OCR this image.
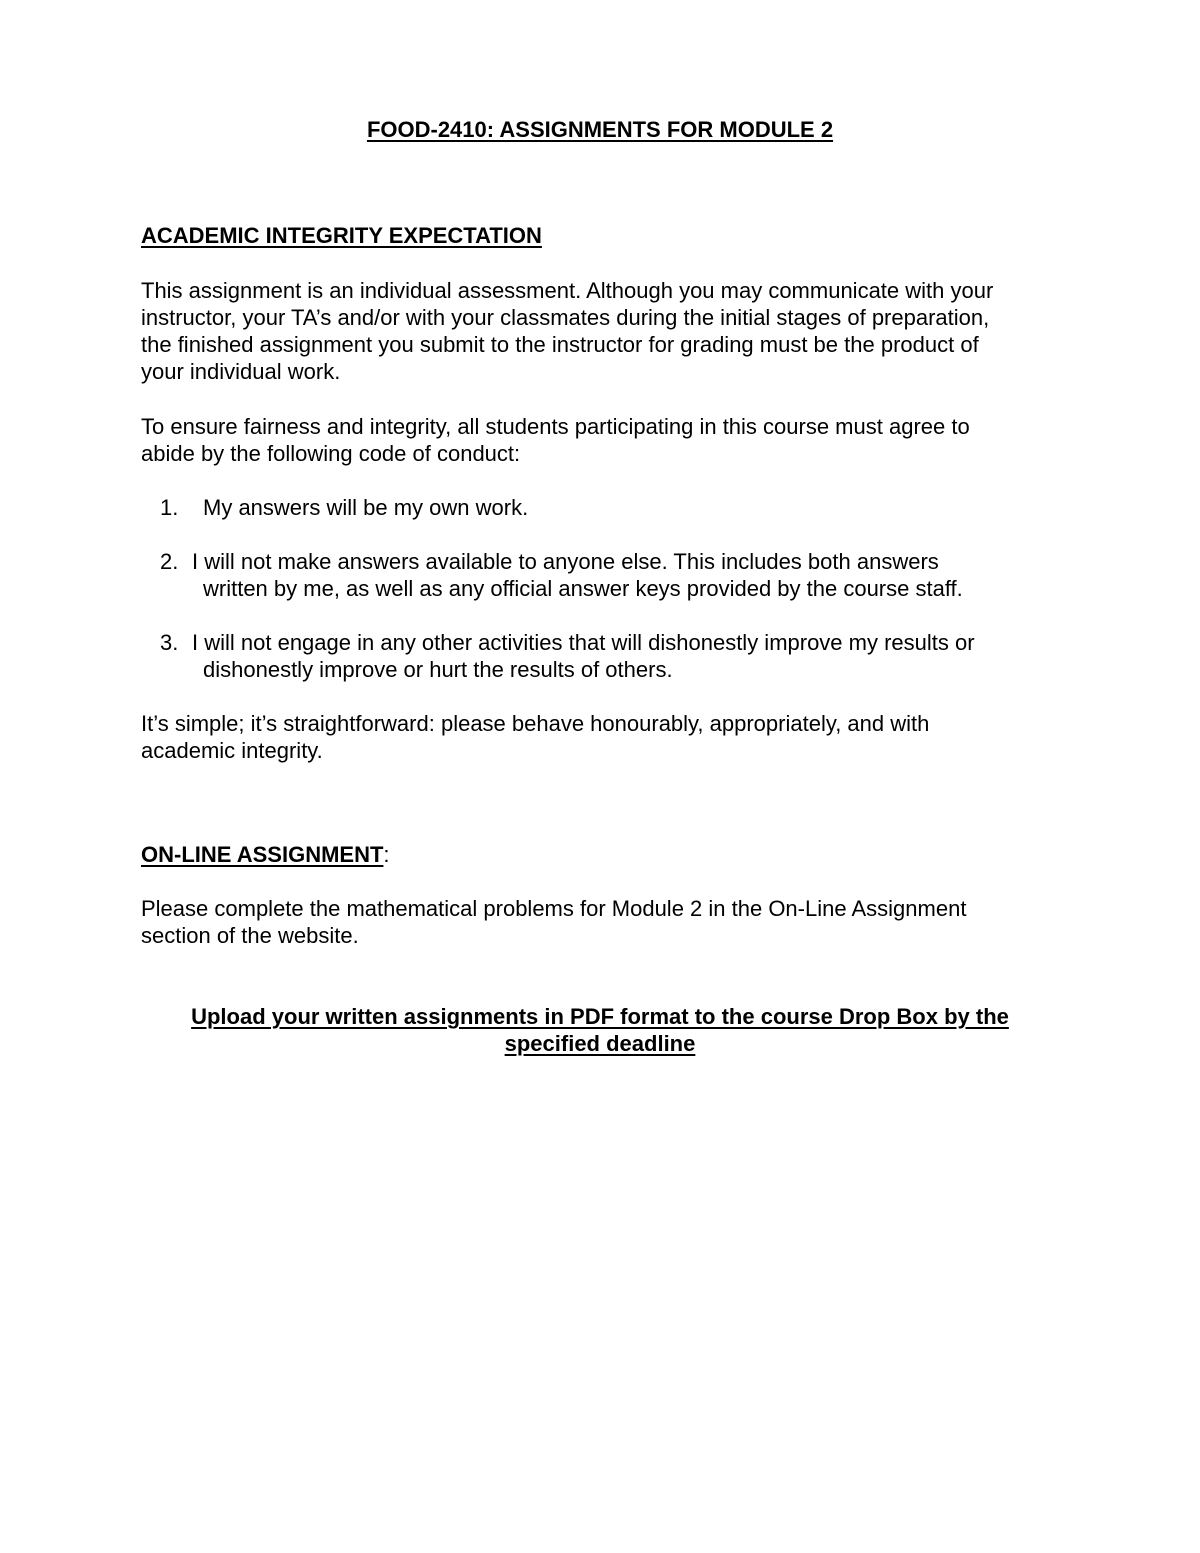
FOOD-2410: ASSIGNMENTS FOR MODULE 2

ACADEMIC INTEGRITY EXPECTATION

This assignment is an individual assessment. Although you may communicate with your

instructor, your TA’s and/or with your classmates during the initial stages of preparation,

the finished assignment you submit to the instructor for grading must be the product of

your individual work.

To ensure fairness and integrity, all students participating in this course must agree to

abide by the following code of conduct:

1. My answers will be my own work.

2. I will not make answers available to anyone else. This includes both answers

written by me, as well as any official answer keys provided by the course staff.

3. I will not engage in any other activities that will dishonestly improve my results or

dishonestly improve or hurt the results of others.

It’s simple; it’s straightforward: please behave honourably, appropriately, and with

academic integrity.

ON-LINE ASSIGNMENT:

Please complete the mathematical problems for Module 2 in the On-Line Assignment

section of the website.

Upload your written assignments in PDF format to the course Drop Box by the

specified deadline
